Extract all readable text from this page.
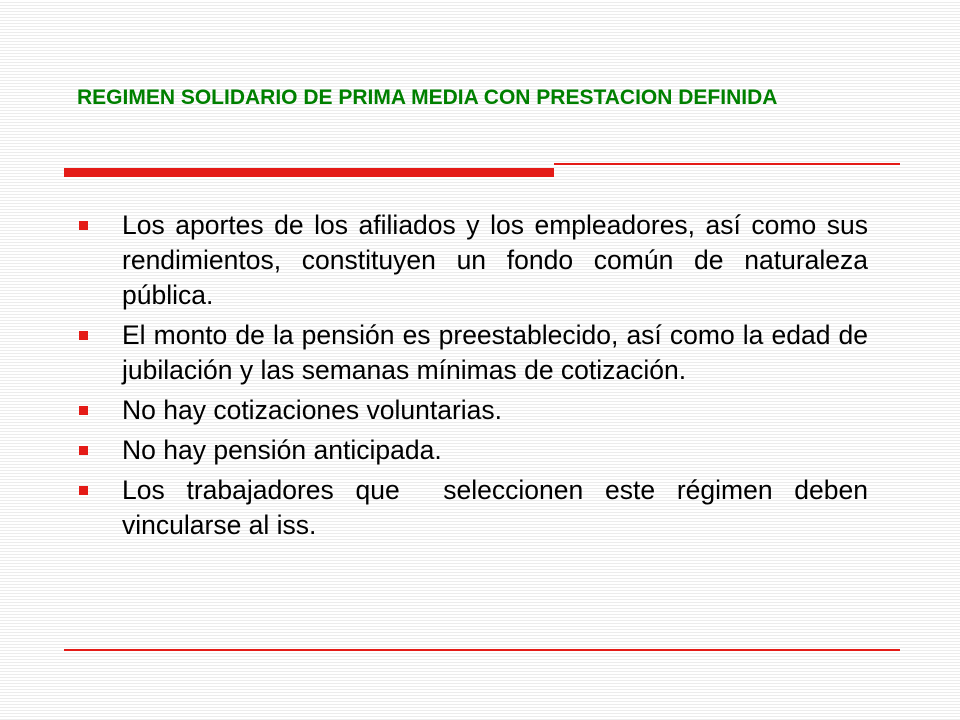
REGIMEN SOLIDARIO DE PRIMA MEDIA CON PRESTACION DEFINIDA
Los aportes de los afiliados y los empleadores, así como sus rendimientos, constituyen un fondo común de naturaleza pública.
El monto de la pensión es preestablecido, así como la edad de jubilación y las semanas mínimas de cotización.
No hay cotizaciones voluntarias.
No hay pensión anticipada.
Los trabajadores que  seleccionen este régimen deben vincularse al iss.
